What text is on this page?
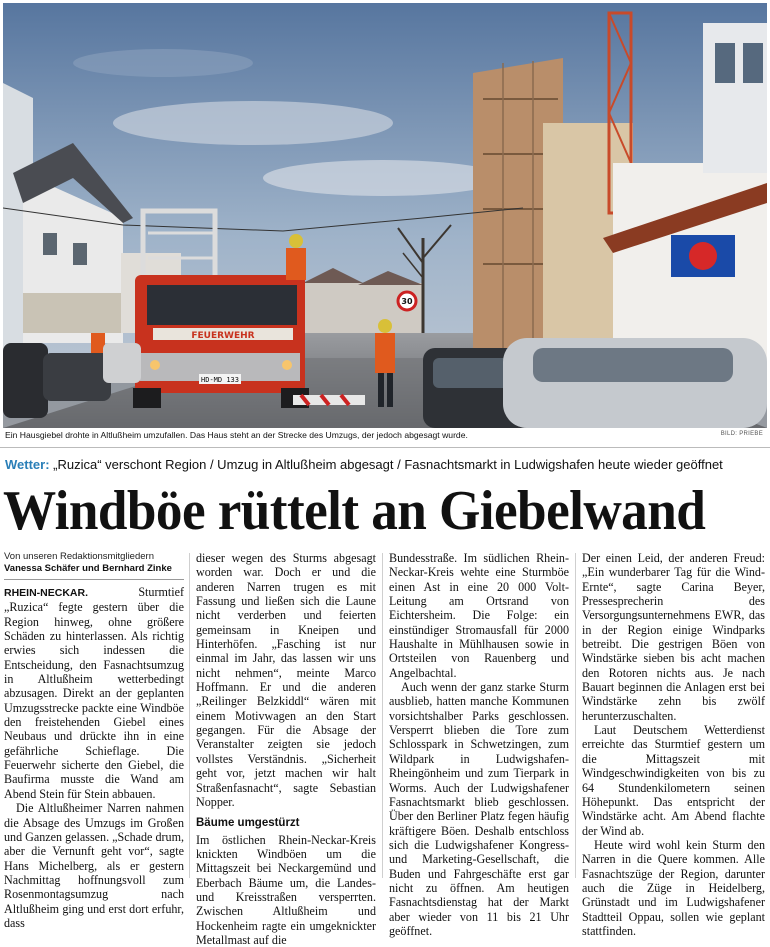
FEUERWEHR
HD-MD 133
30
Ein Hausgiebel drohte in Altlußheim umzufallen. Das Haus steht an der Strecke des Umzugs, der jedoch abgesagt wurde.	BILD: PRIEBE
Wetter: „Ruzica“ verschont Region / Umzug in Altlußheim abgesagt / Fasnachtsmarkt in Ludwigshafen heute wieder geöffnet
Windböe rüttelt an Giebelwand

Von unseren Redaktionsmitgliedern

Vanessa Schäfer und Bernhard Zinke

RHEIN-NECKAR.	Sturmtief „Ruzica“ fegte gestern über die Region hinweg, ohne größere Schäden zu hinterlassen. Als richtig erwies sich indessen die Entscheidung, den Fasnachtsumzug in Altlußheim wetterbedingt abzusagen. Direkt an der geplanten Umzugsstrecke packte eine Windböe den freistehenden Giebel eines Neubaus und drückte ihn in eine gefährliche Schieflage. Die Feuerwehr sicherte den Giebel, die Baufirma musste die Wand am Abend Stein für Stein abbauen.

Die Altlußheimer Narren nahmen die Absage des Umzugs im Großen und Ganzen gelassen. „Schade drum, aber die Vernunft geht vor“, sagte Hans Michelberg, als er gestern Nachmittag hoffnungsvoll zum Rosenmontagsumzug nach Altlußheim ging und erst dort erfuhr, dass

dieser wegen des Sturms abgesagt worden war. Doch er und die anderen Narren trugen es mit Fassung und ließen sich die Laune nicht verderben und feierten gemeinsam in Kneipen und Hinterhöfen. „Fasching ist nur einmal im Jahr, das lassen wir uns nicht nehmen“, meinte Marco Hoffmann. Er und die anderen „Reilinger Belzkiddl“ wären mit einem Motivwagen an den Start gegangen. Für die Absage der Veranstalter zeigten sie jedoch vollstes Verständnis. „Sicherheit geht vor, jetzt machen wir halt Straßenfasnacht“, sagte Sebastian Nopper.

Bäume umgestürzt

Im östlichen Rhein-Neckar-Kreis knickten Windböen um die Mittagszeit bei Neckargemünd und Eberbach Bäume um, die Landes- und Kreisstraßen versperrten. Zwischen Altlußheim und Hockenheim ragte ein umgeknickter Metallmast auf die

Bundesstraße. Im südlichen Rhein-Neckar-Kreis wehte eine Sturmböe einen Ast in eine 20 000 Volt-Leitung am Ortsrand von Eichtersheim. Die Folge: ein einstündiger Stromausfall für 2000 Haushalte in Mühlhausen sowie in Ortsteilen von Rauenberg und Angelbachtal.

Auch wenn der ganz starke Sturm ausblieb, hatten manche Kommunen vorsichtshalber Parks geschlossen. Versperrt blieben die Tore zum Schlosspark in Schwetzingen, zum Wildpark in Ludwigshafen-Rheingönheim und zum Tierpark in Worms. Auch der Ludwigshafener Fasnachtsmarkt blieb geschlossen. Über den Berliner Platz fegen häufig kräftigere Böen. Deshalb entschloss sich die Ludwigshafener Kongress- und Marketing-Gesellschaft, die Buden und Fahrgeschäfte erst gar nicht zu öffnen. Am heutigen Fasnachtsdienstag hat der Markt aber wieder von 11 bis 21 Uhr geöffnet.

Der einen Leid, der anderen Freud: „Ein wunderbarer Tag für die Wind-Ernte“, sagte Carina Beyer, Pressesprecherin des Versorgungsunternehmens EWR, das in der Region einige Windparks betreibt. Die gestrigen Böen von Windstärke sieben bis acht machen den Rotoren nichts aus. Je nach Bauart beginnen die Anlagen erst bei Windstärke zehn bis zwölf herunterzuschalten.

Laut Deutschem Wetterdienst erreichte das Sturmtief gestern um die Mittagszeit mit Windgeschwindigkeiten von bis zu 64 Stundenkilometern seinen Höhepunkt. Das entspricht der Windstärke acht. Am Abend flachte der Wind ab.

Heute wird wohl kein Sturm den Narren in die Quere kommen. Alle Fasnachtszüge der Region, darunter auch die Züge in Heidelberg, Grünstadt und im Ludwigshafener Stadtteil Oppau, sollen wie geplant stattfinden.
